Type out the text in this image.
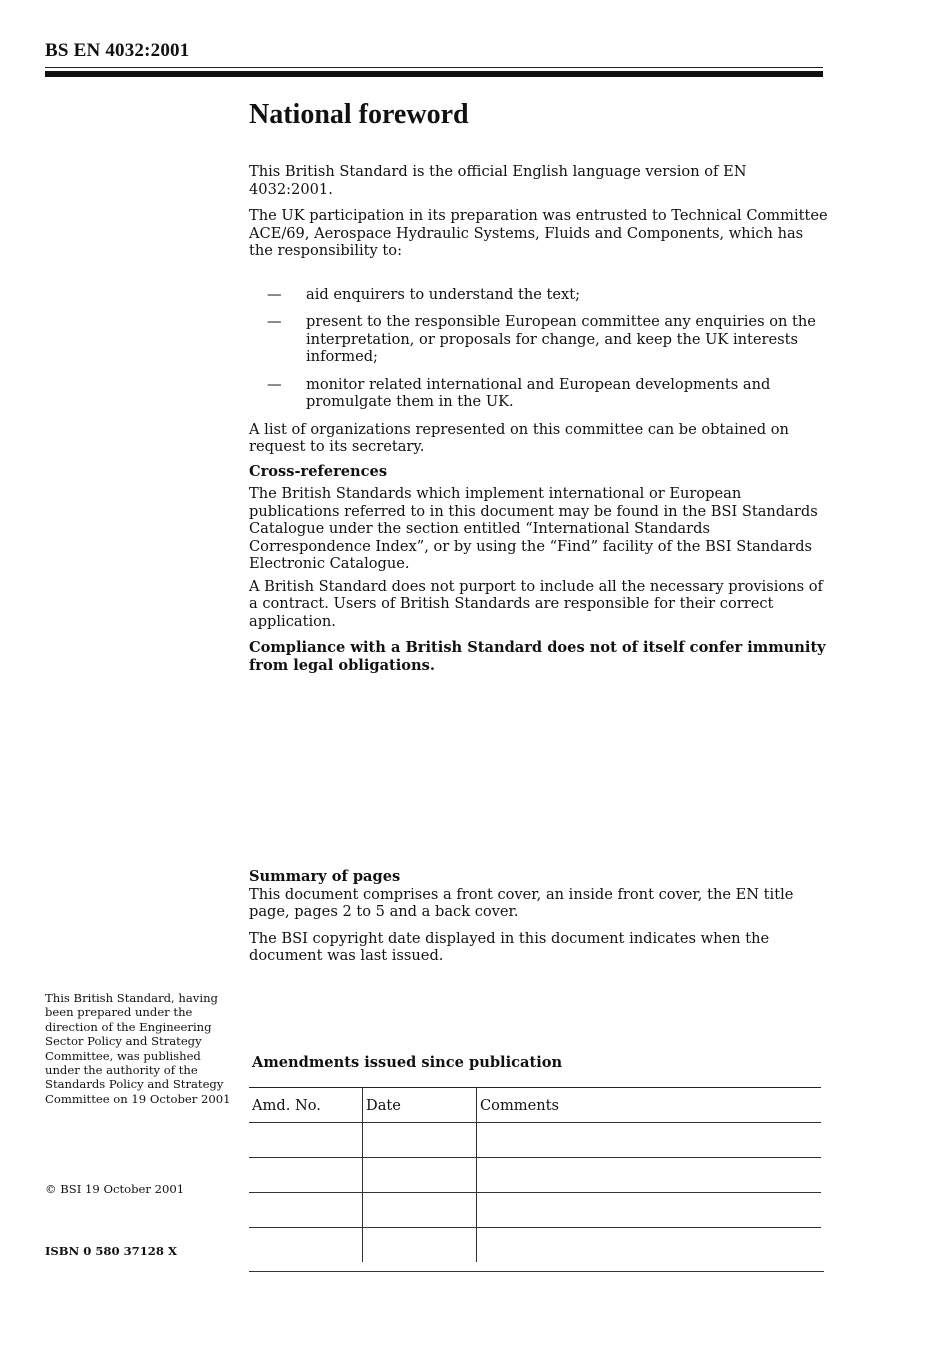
BS EN 4032:2001
National foreword

This British Standard is the official English language version of EN 4032:2001.

The UK participation in its preparation was entrusted to Technical Committee ACE/69, Aerospace Hydraulic Systems, Fluids and Components, which has the responsibility to:

— aid enquirers to understand the text;
— present to the responsible European committee any enquiries on the interpretation, or proposals for change, and keep the UK interests informed;
— monitor related international and European developments and promulgate them in the UK.

A list of organizations represented on this committee can be obtained on request to its secretary.

Cross-references

The British Standards which implement international or European publications referred to in this document may be found in the BSI Standards Catalogue under the section entitled “International Standards Correspondence Index”, or by using the “Find” facility of the BSI Standards Electronic Catalogue.

A British Standard does not purport to include all the necessary provisions of a contract. Users of British Standards are responsible for their correct application.

Compliance with a British Standard does not of itself confer immunity from legal obligations.

Summary of pages

This document comprises a front cover, an inside front cover, the EN title page, pages 2 to 5 and a back cover.

The BSI copyright date displayed in this document indicates when the document was last issued.

This British Standard, having been prepared under the direction of the Engineering Sector Policy and Strategy Committee, was published under the authority of the Standards Policy and Strategy Committee on 19 October 2001
© BSI 19 October 2001
ISBN 0 580 37128 X
Amendments issued since publication
Amd. No.	Date	Comments
